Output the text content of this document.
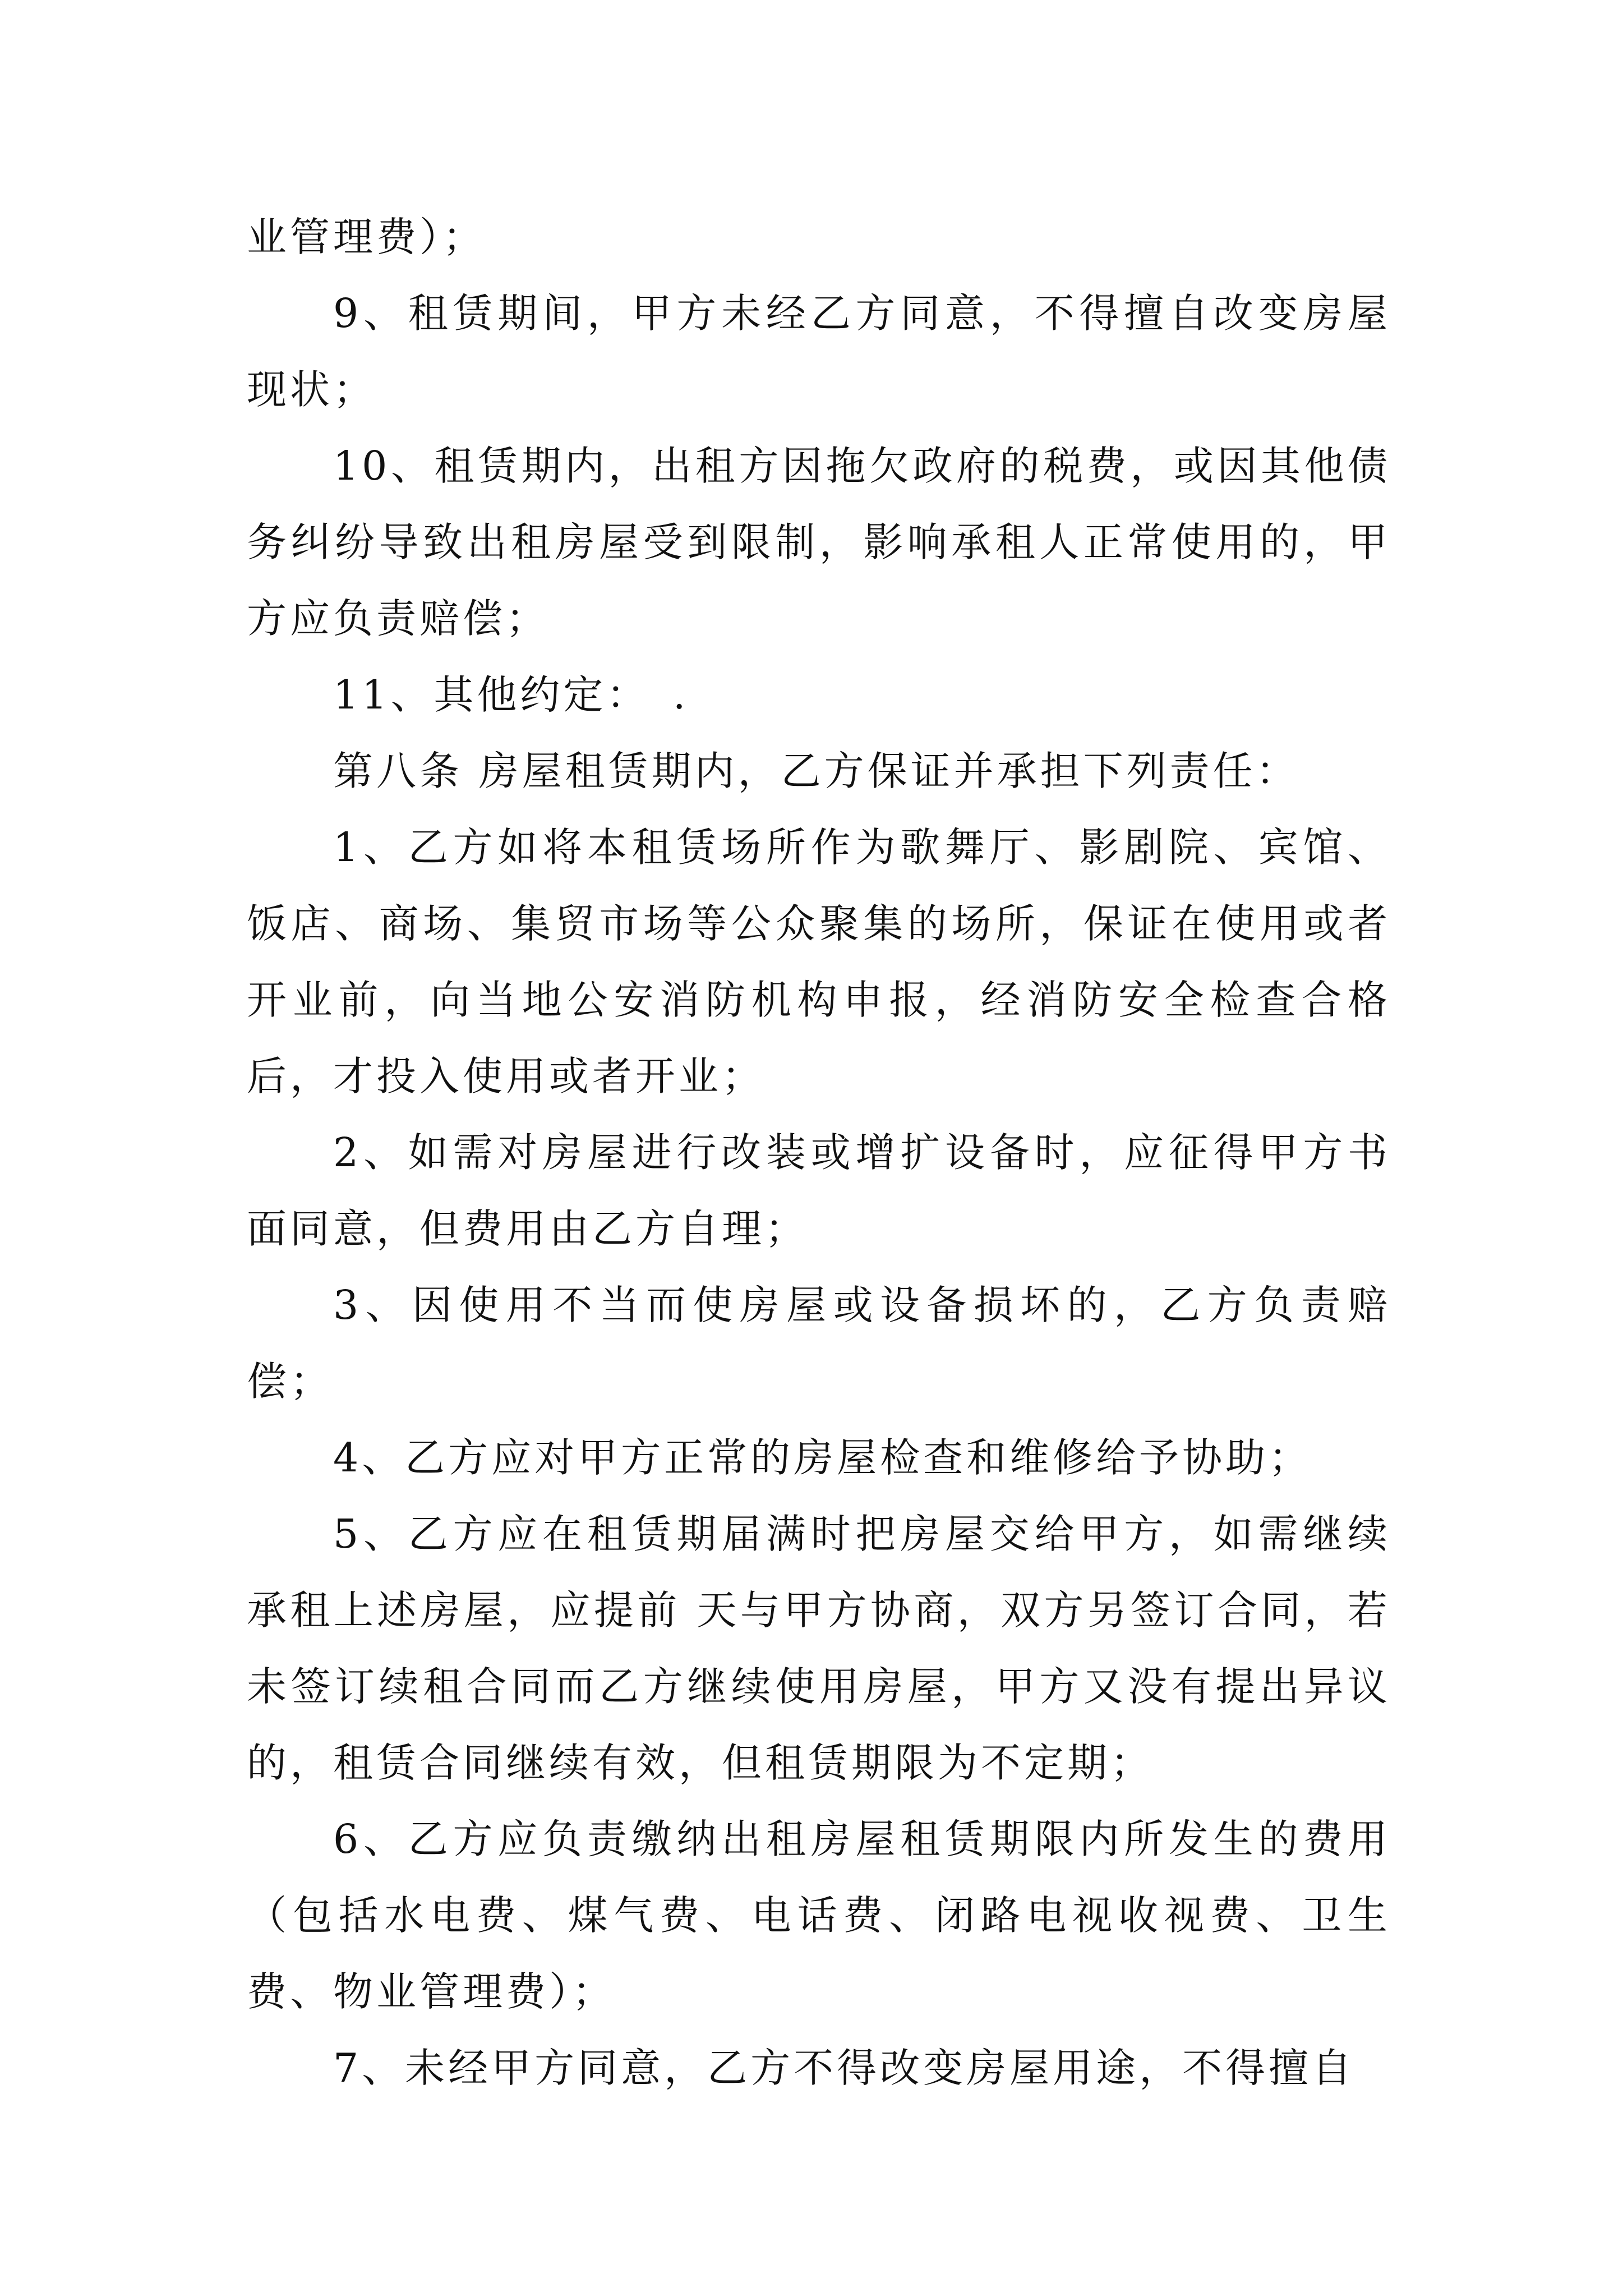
业管理费）；

9、租赁期间，甲方未经乙方同意，不得擅自改变房屋现状；

10、租赁期内，出租方因拖欠政府的税费，或因其他债务纠纷导致出租房屋受到限制，影响承租人正常使用的，甲方应负责赔偿；

11、其他约定：　.

第八条 房屋租赁期内，乙方保证并承担下列责任：

1、乙方如将本租赁场所作为歌舞厅、影剧院、宾馆、饭店、商场、集贸市场等公众聚集的场所，保证在使用或者开业前，向当地公安消防机构申报，经消防安全检查合格后，才投入使用或者开业；

2、如需对房屋进行改装或增扩设备时，应征得甲方书面同意，但费用由乙方自理；

3、因使用不当而使房屋或设备损坏的，乙方负责赔偿；

4、乙方应对甲方正常的房屋检查和维修给予协助；

5、乙方应在租赁期届满时把房屋交给甲方，如需继续承租上述房屋，应提前 天与甲方协商，双方另签订合同，若未签订续租合同而乙方继续使用房屋，甲方又没有提出异议的，租赁合同继续有效，但租赁期限为不定期；

6、乙方应负责缴纳出租房屋租赁期限内所发生的费用（包括水电费、煤气费、电话费、闭路电视收视费、卫生费、物业管理费）；

7、未经甲方同意，乙方不得改变房屋用途，不得擅自
